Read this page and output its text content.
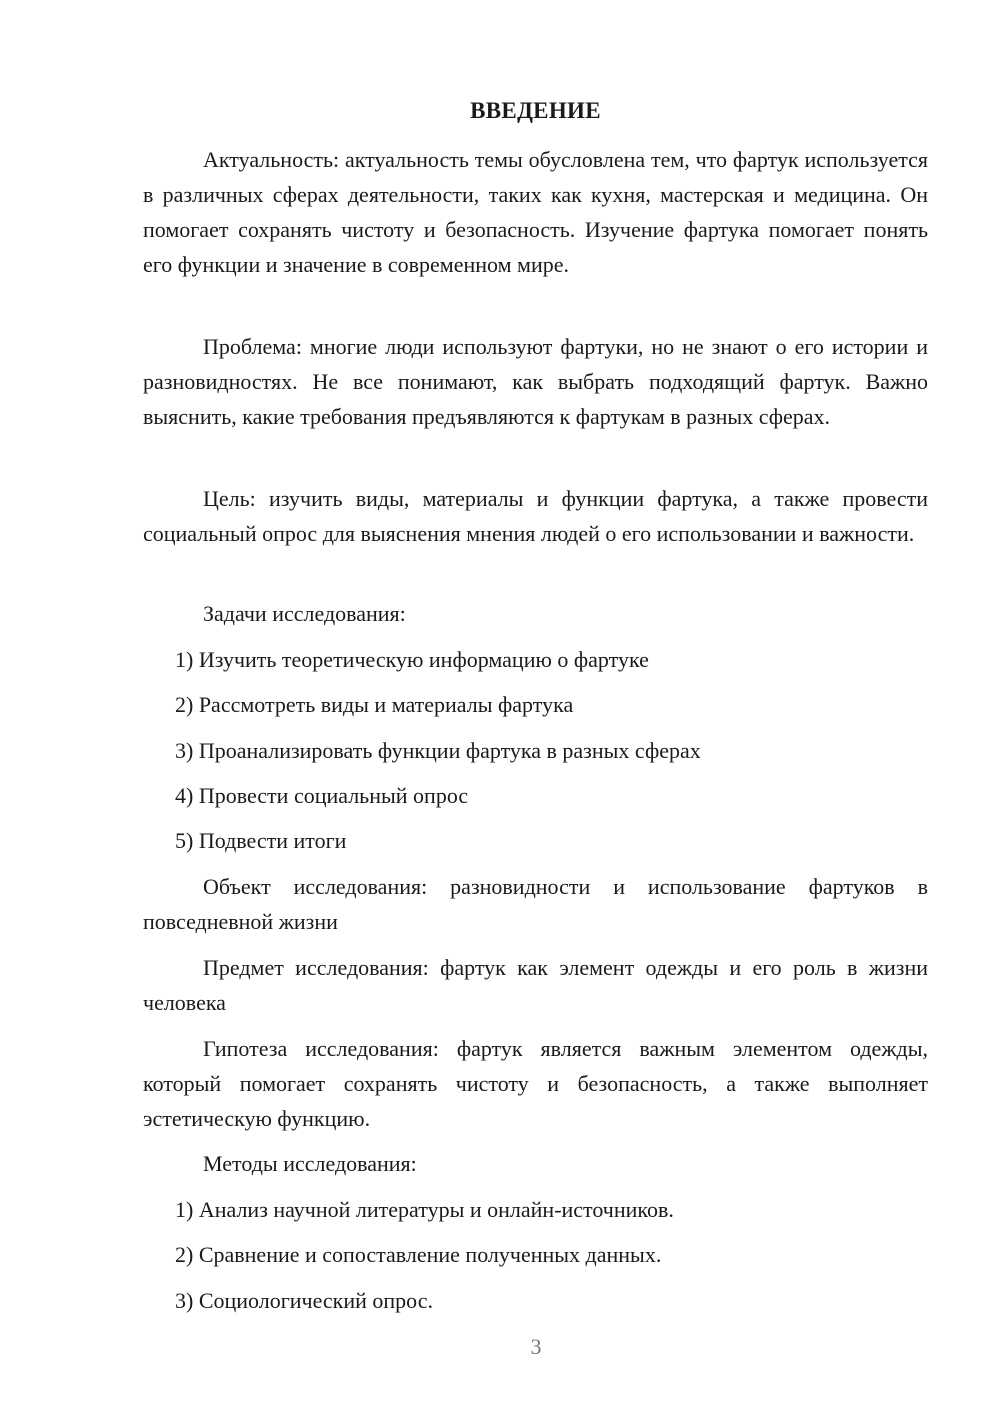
ВВЕДЕНИЕ

Актуальность: актуальность темы обусловлена тем, что фартук используется в различных сферах деятельности, таких как кухня, мастерская и медицина. Он помогает сохранять чистоту и безопасность. Изучение фартука помогает понять его функции и значение в современном мире.

Проблема: многие люди используют фартуки, но не знают о его истории и разновидностях. Не все понимают, как выбрать подходящий фартук. Важно выяснить, какие требования предъявляются к фартукам в разных сферах.

Цель: изучить виды, материалы и функции фартука, а также провести социальный опрос для выяснения мнения людей о его использовании и важности.

Задачи исследования:

1) Изучить теоретическую информацию о фартуке

2) Рассмотреть виды и материалы фартука

3) Проанализировать функции фартука в разных сферах

4) Провести социальный опрос

5) Подвести итоги

Объект исследования: разновидности и использование фартуков в повседневной жизни

Предмет исследования: фартук как элемент одежды и его роль в жизни человека

Гипотеза исследования: фартук является важным элементом одежды, который помогает сохранять чистоту и безопасность, а также выполняет эстетическую функцию.

Методы исследования:

1) Анализ научной литературы и онлайн-источников.

2) Сравнение и сопоставление полученных данных.

3) Социологический опрос.

3
